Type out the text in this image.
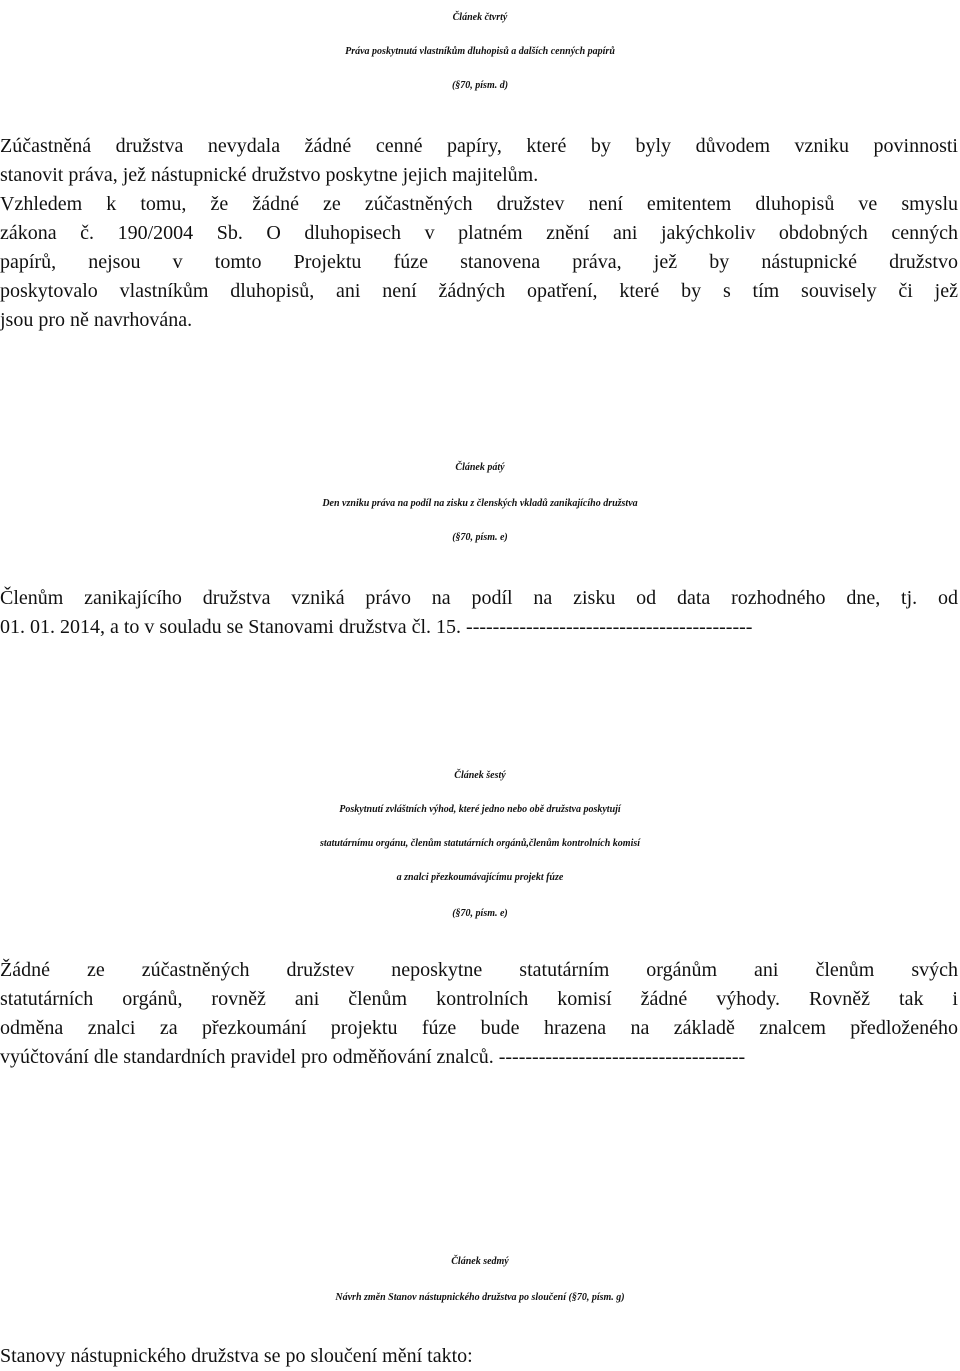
Článek čtvrtý
Práva poskytnutá vlastníkům dluhopisů a dalších cenných papírů
(§70, písm. d)
Zúčastněná družstva nevydala žádné cenné papíry, které by byly důvodem vzniku povinnosti
stanovit práva, jež nástupnické družstvo poskytne jejich majitelům.
Vzhledem k tomu, že žádné ze zúčastněných družstev není emitentem dluhopisů ve smyslu
zákona č. 190/2004 Sb. O dluhopisech v platném znění ani jakýchkoliv obdobných cenných
papírů, nejsou v tomto Projektu fúze stanovena práva, jež by nástupnické družstvo
poskytovalo vlastníkům dluhopisů, ani není žádných opatření, které by s tím souvisely či jež
jsou pro ně navrhována.
Článek pátý
Den vzniku práva na podíl na zisku z členských vkladů zanikajícího družstva
(§70, písm. e)
Členům zanikajícího družstva vzniká právo na podíl na zisku od data rozhodného dne, tj. od
01. 01. 2014, a to v souladu se Stanovami družstva čl. 15. -------------------------------------------
Článek šestý
Poskytnutí zvláštních výhod, které jedno nebo obě družstva poskytují
statutárnímu orgánu, členům statutárních orgánů,členům kontrolních komisí
a znalci přezkoumávajícímu projekt fúze
(§70, písm. e)
Žádné ze zúčastněných družstev neposkytne statutárním orgánům ani členům svých
statutárních orgánů, rovněž ani členům kontrolních komisí žádné výhody. Rovněž tak i
odměna znalci za přezkoumání projektu fúze bude hrazena na základě znalcem předloženého
vyúčtování dle standardních pravidel pro odměňování znalců. -------------------------------------
Článek sedmý
Návrh změn Stanov nástupnického družstva po sloučení (§70, písm. g)
Stanovy nástupnického družstva se po sloučení mění takto:
